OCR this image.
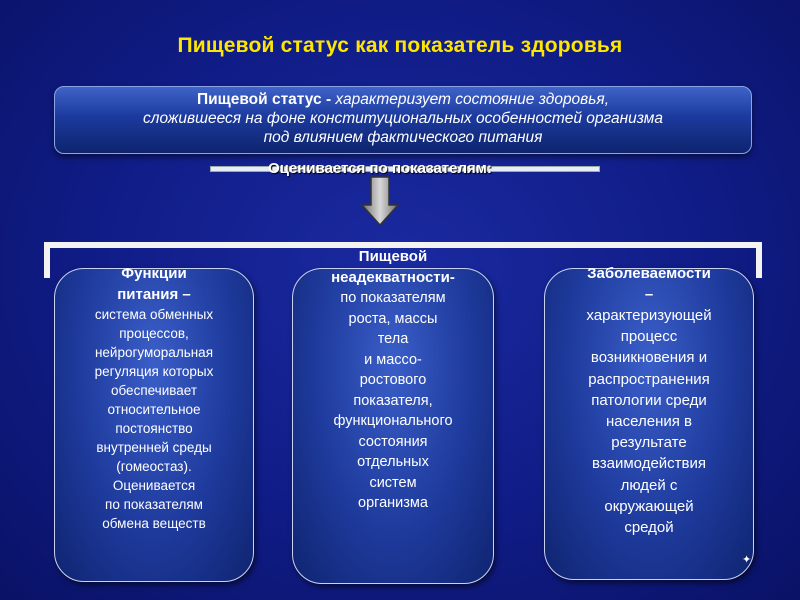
Пищевой статус как показатель здоровья
Пищевой статус - характеризует состояние здоровья,
сложившееся на фоне конституциональных особенностей организма
под влиянием фактического питания
Оценивается по показателям:
Функции
питания –
система обменных
процессов,
нейрогуморальная
регуляция которых
обеспечивает
относительное
постоянство
внутренней среды
(гомеостаз).
Оценивается
по показателям
обмена веществ
Пищевой
неадекватности-
по показателям
роста, массы
тела
и массо-
ростового
показателя,
функционального
состояния
отдельных
систем
организма
Заболеваемости
–
характеризующей
процесс
возникновения и
распространения
патологии среди
населения в
результате
взаимодействия
людей с
окружающей
средой
✦
